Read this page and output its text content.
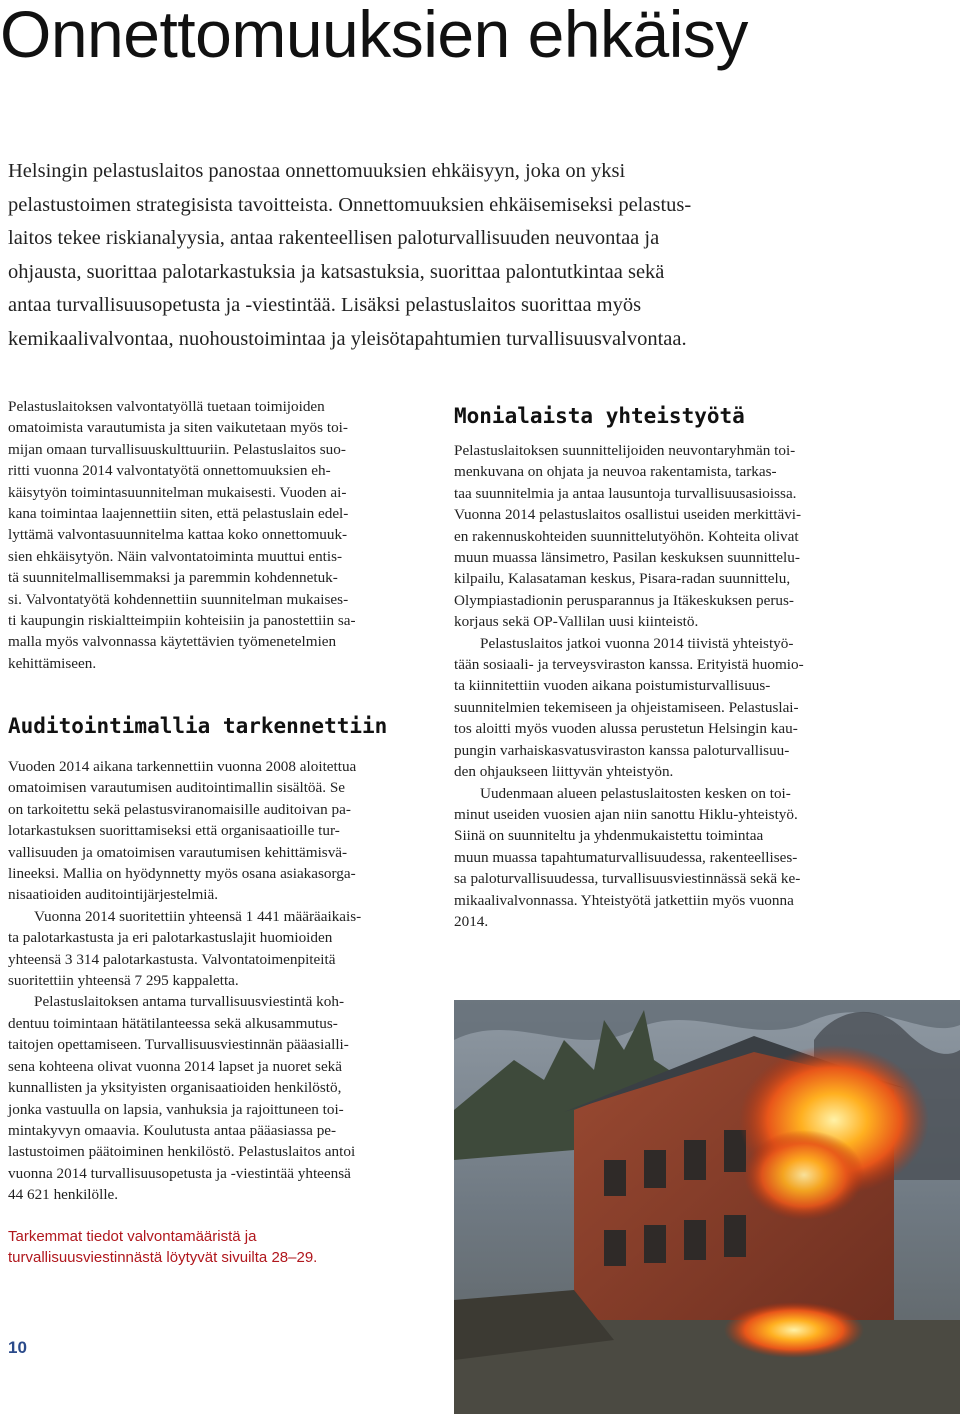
Onnettomuuksien ehkäisy

Helsingin pelastuslaitos panostaa onnettomuuksien ehkäisyyn, joka on yksi
pelastustoimen strategisista tavoitteista. Onnettomuuksien ehkäisemiseksi pelastus-
laitos tekee riskianalyysia, antaa rakenteellisen paloturvallisuuden neuvontaa ja
ohjausta, suorittaa palotarkastuksia ja katsastuksia, suorittaa palontutkintaa sekä
antaa turvallisuusopetusta ja -viestintää. Lisäksi pelastuslaitos suorittaa myös
kemikaalivalvontaa, nuohoustoimintaa ja yleisötapahtumien turvallisuusvalvontaa.

Pelastuslaitoksen valvontatyöllä tuetaan toimijoiden
omatoimista varautumista ja siten vaikutetaan myös toi-
mijan omaan turvallisuuskulttuuriin. Pelastuslaitos suo-
ritti vuonna 2014 valvontatyötä onnettomuuksien eh-
käisytyön toimintasuunnitelman mukaisesti. Vuoden ai-
kana toimintaa laajennettiin siten, että pelastuslain edel-
lyttämä valvontasuunnitelma kattaa koko onnettomuuk-
sien ehkäisytyön. Näin valvontatoiminta muuttui entis-
tä suunnitelmallisemmaksi ja paremmin kohdennetuk-
si. Valvontatyötä kohdennettiin suunnitelman mukaises-
ti kaupungin riskialtteimpiin kohteisiin ja panostettiin sa-
malla myös valvonnassa käytettävien työmenetelmien
kehittämiseen.
Auditointimallia tarkennettiin
Vuoden 2014 aikana tarkennettiin vuonna 2008 aloitettua
omatoimisen varautumisen auditointimallin sisältöä. Se
on tarkoitettu sekä pelastusviranomaisille auditoivan pa-
lotarkastuksen suorittamiseksi että organisaatioille tur-
vallisuuden ja omatoimisen varautumisen kehittämisvä-
lineeksi. Mallia on hyödynnetty myös osana asiakasorga-
nisaatioiden auditointijärjestelmiä.
Vuonna 2014 suoritettiin yhteensä 1 441 määräaikais-
ta palotarkastusta ja eri palotarkastuslajit huomioiden
yhteensä 3 314 palotarkastusta. Valvontatoimenpiteitä
suoritettiin yhteensä 7 295 kappaletta.
Pelastuslaitoksen antama turvallisuusviestintä koh-
dentuu toimintaan hätätilanteessa sekä alkusammutus-
taitojen opettamiseen. Turvallisuusviestinnän pääasialli-
sena kohteena olivat vuonna 2014 lapset ja nuoret sekä
kunnallisten ja yksityisten organisaatioiden henkilöstö,
jonka vastuulla on lapsia, vanhuksia ja rajoittuneen toi-
mintakyvyn omaavia. Koulutusta antaa pääasiassa pe-
lastustoimen päätoiminen henkilöstö. Pelastuslaitos antoi
vuonna 2014 turvallisuusopetusta ja -viestintää yhteensä
44 621 henkilölle.
Monialaista yhteistyötä
Pelastuslaitoksen suunnittelijoiden neuvontaryhmän toi-
menkuvana on ohjata ja neuvoa rakentamista, tarkas-
taa suunnitelmia ja antaa lausuntoja turvallisuusasioissa.
Vuonna 2014 pelastuslaitos osallistui useiden merkittävi-
en rakennuskohteiden suunnittelutyöhön. Kohteita olivat
muun muassa länsimetro, Pasilan keskuksen suunnittelu-
kilpailu, Kalasataman keskus, Pisara-radan suunnittelu,
Olympiastadionin perusparannus ja Itäkeskuksen perus-
korjaus sekä OP-Vallilan uusi kiinteistö.
Pelastuslaitos jatkoi vuonna 2014 tiivistä yhteistyö-
tään sosiaali- ja terveysviraston kanssa. Erityistä huomio-
ta kiinnitettiin vuoden aikana poistumisturvallisuus-
suunnitelmien tekemiseen ja ohjeistamiseen. Pelastuslai-
tos aloitti myös vuoden alussa perustetun Helsingin kau-
pungin varhaiskasvatusviraston kanssa paloturvallisuu-
den ohjaukseen liittyvän yhteistyön.
Uudenmaan alueen pelastuslaitosten kesken on toi-
minut useiden vuosien ajan niin sanottu Hiklu-yhteistyö.
Siinä on suunniteltu ja yhdenmukaistettu toimintaa
muun muassa tapahtumaturvallisuudessa, rakenteellises-
sa paloturvallisuudessa, turvallisuusviestinnässä sekä ke-
mikaalivalvonnassa. Yhteistyötä jatkettiin myös vuonna
2014.
Tarkemmat tiedot valvontamääristä ja
turvallisuusviestinnästä löytyvät sivuilta 28–29.
10
